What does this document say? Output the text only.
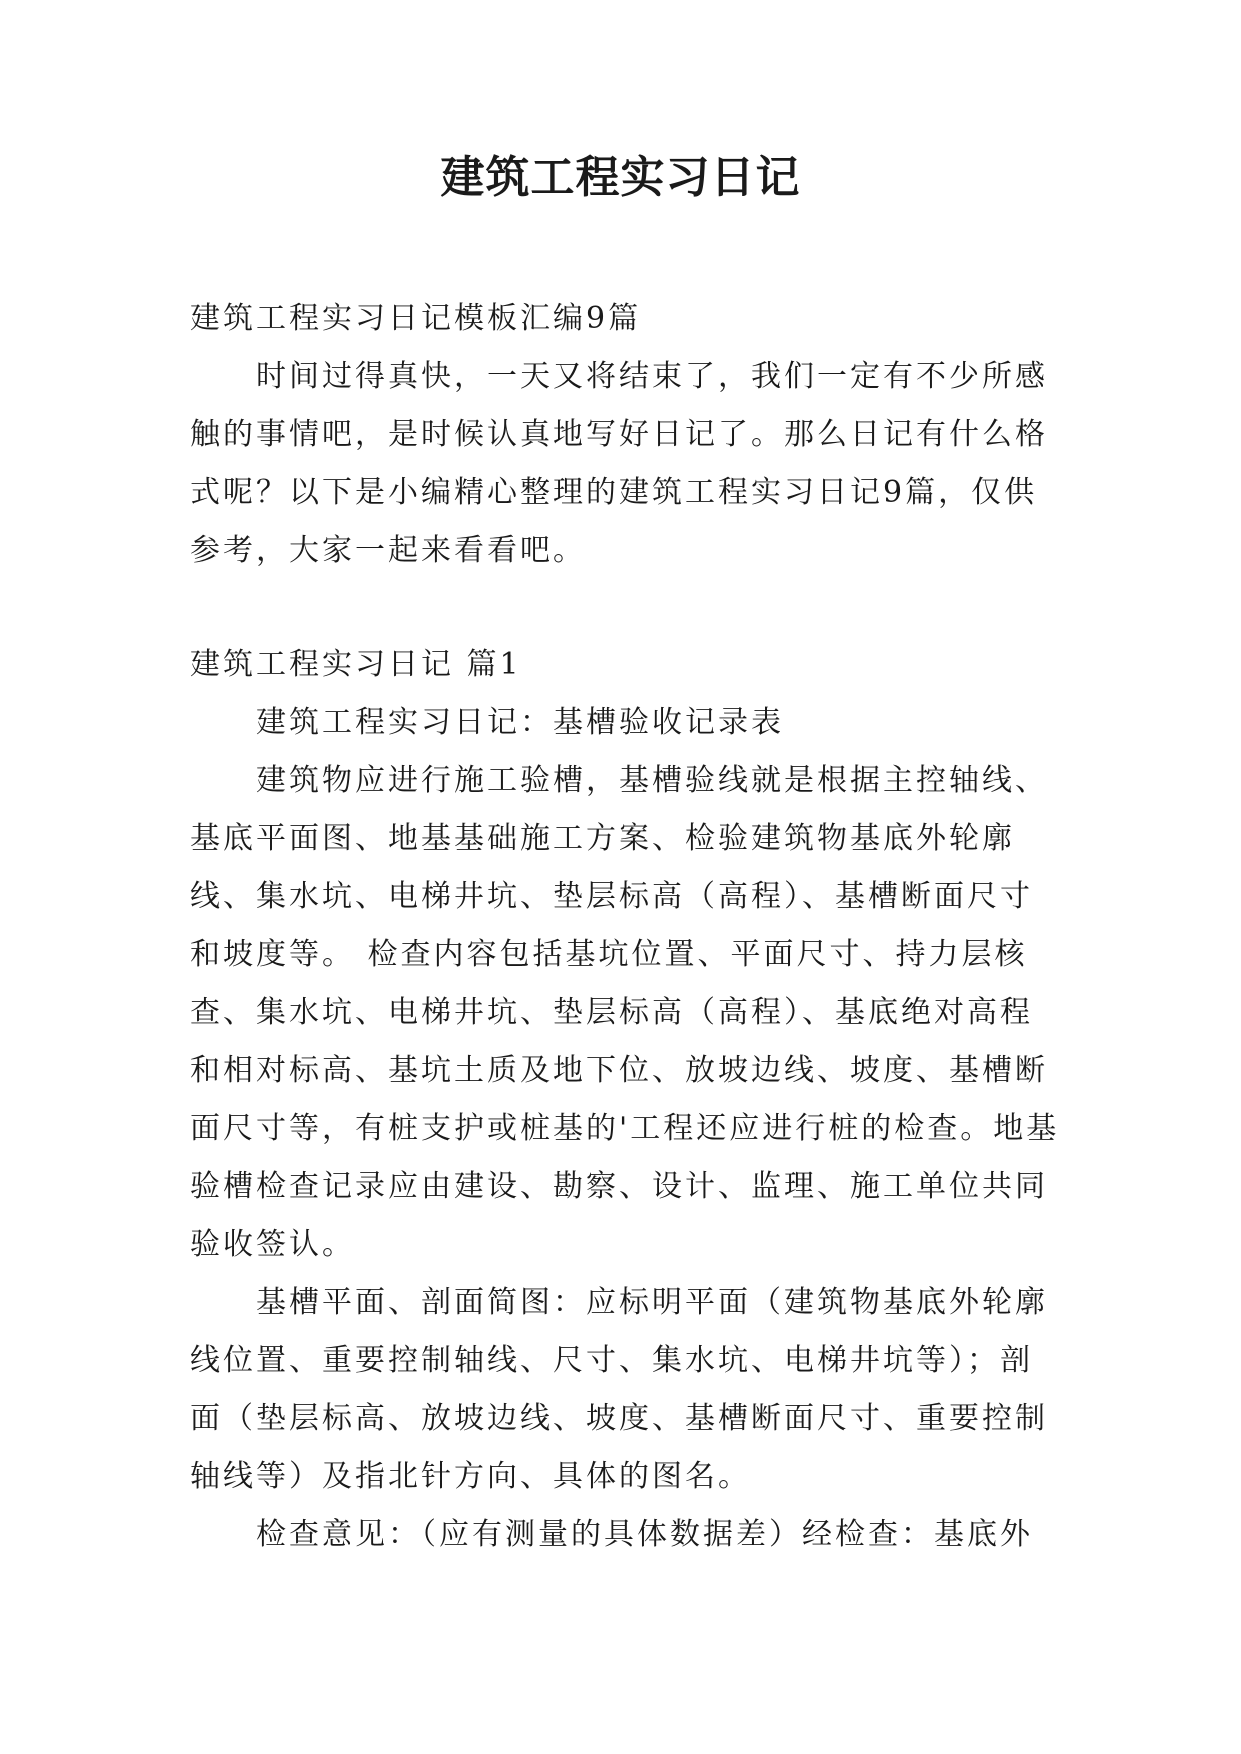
建筑工程实习日记

建筑工程实习日记模板汇编9篇

时间过得真快，一天又将结束了，我们一定有不少所感触的事情吧，是时候认真地写好日记了。那么日记有什么格式呢？以下是小编精心整理的建筑工程实习日记9篇，仅供参考，大家一起来看看吧。

建筑工程实习日记 篇1

建筑工程实习日记：基槽验收记录表

建筑物应进行施工验槽，基槽验线就是根据主控轴线、基底平面图、地基基础施工方案、检验建筑物基底外轮廓线、集水坑、电梯井坑、垫层标高（高程）、基槽断面尺寸和坡度等。 检查内容包括基坑位置、平面尺寸、持力层核查、集水坑、电梯井坑、垫层标高（高程）、基底绝对高程和相对标高、基坑土质及地下位、放坡边线、坡度、基槽断面尺寸等，有桩支护或桩基的'工程还应进行桩的检查。地基验槽检查记录应由建设、勘察、设计、监理、施工单位共同验收签认。

基槽平面、剖面简图：应标明平面（建筑物基底外轮廓线位置、重要控制轴线、尺寸、集水坑、电梯井坑等）；剖面（垫层标高、放坡边线、坡度、基槽断面尺寸、重要控制轴线等）及指北针方向、具体的图名。

检查意见：（应有测量的具体数据差）经检查：基底外
